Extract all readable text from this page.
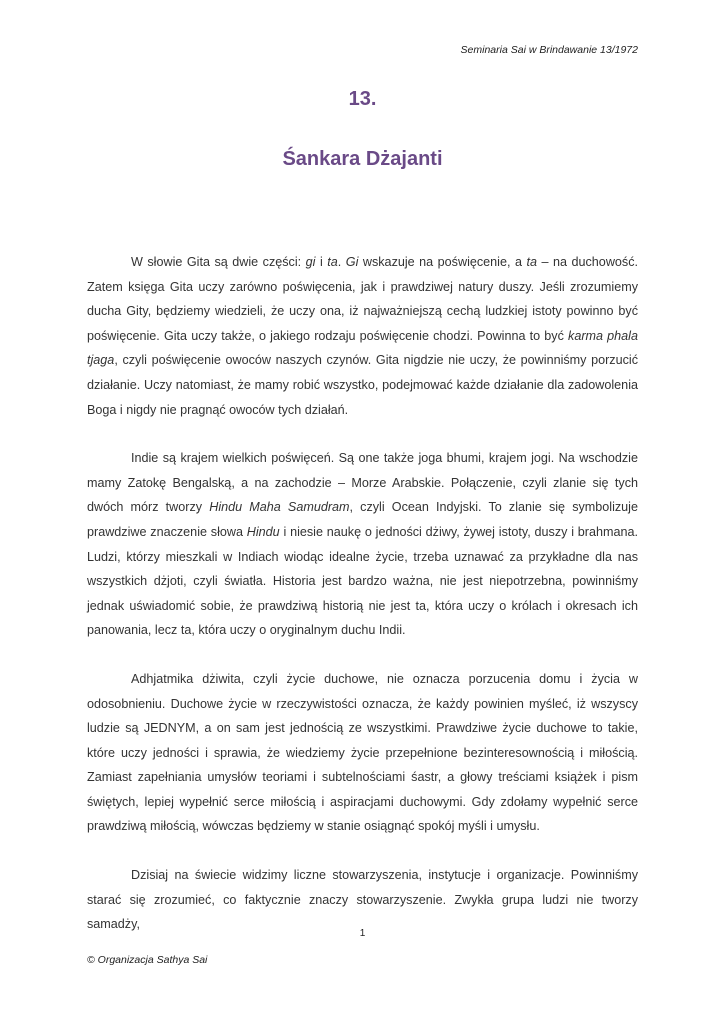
Seminaria Sai w Brindawanie 13/1972
13.
Śankara Dżajanti

W słowie Gita są dwie części: gi i ta. Gi wskazuje na poświęcenie, a ta – na duchowość. Zatem księga Gita uczy zarówno poświęcenia, jak i prawdziwej natury duszy. Jeśli zrozumiemy ducha Gity, będziemy wiedzieli, że uczy ona, iż najważniejszą cechą ludzkiej istoty powinno być poświęcenie. Gita uczy także, o jakiego rodzaju poświęcenie chodzi. Powinna to być karma phala tjaga, czyli poświęcenie owoców naszych czynów. Gita nigdzie nie uczy, że powinniśmy porzucić działanie. Uczy natomiast, że mamy robić wszystko, podejmować każde działanie dla zadowolenia Boga i nigdy nie pragnąć owoców tych działań.

Indie są krajem wielkich poświęceń. Są one także joga bhumi, krajem jogi. Na wschodzie mamy Zatokę Bengalską, a na zachodzie – Morze Arabskie. Połączenie, czyli zlanie się tych dwóch mórz tworzy Hindu Maha Samudram, czyli Ocean Indyjski. To zlanie się symbolizuje prawdziwe znaczenie słowa Hindu i niesie naukę o jedności dżiwy, żywej istoty, duszy i brahmana. Ludzi, którzy mieszkali w Indiach wiodąc idealne życie, trzeba uznawać za przykładne dla nas wszystkich dżjoti, czyli światła. Historia jest bardzo ważna, nie jest niepotrzebna, powinniśmy jednak uświadomić sobie, że prawdziwą historią nie jest ta, która uczy o królach i okresach ich panowania, lecz ta, która uczy o oryginalnym duchu Indii.

Adhjatmika dżiwita, czyli życie duchowe, nie oznacza porzucenia domu i życia w odosobnieniu. Duchowe życie w rzeczywistości oznacza, że każdy powinien myśleć, iż wszyscy ludzie są JEDNYM, a on sam jest jednością ze wszystkimi. Prawdziwe życie duchowe to takie, które uczy jedności i sprawia, że wiedziemy życie przepełnione bezinteresownością i miłością. Zamiast zapełniania umysłów teoriami i subtelnościami śastr, a głowy treściami książek i pism świętych, lepiej wypełnić serce miłością i aspiracjami duchowymi. Gdy zdołamy wypełnić serce prawdziwą miłością, wówczas będziemy w stanie osiągnąć spokój myśli i umysłu.

Dzisiaj na świecie widzimy liczne stowarzyszenia, instytucje i organizacje. Powinniśmy starać się zrozumieć, co faktycznie znaczy stowarzyszenie. Zwykła grupa ludzi nie tworzy samadży,

1
© Organizacja Sathya Sai
